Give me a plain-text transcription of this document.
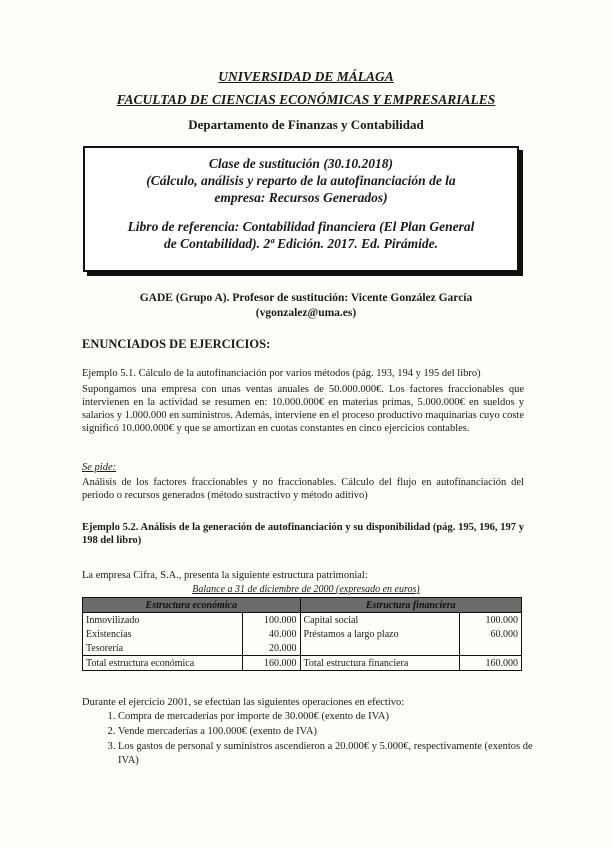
UNIVERSIDAD DE MÁLAGA
FACULTAD DE CIENCIAS ECONÓMICAS Y EMPRESARIALES
Departamento de Finanzas y Contabilidad

Clase de sustitución (30.10.2018)

(Cálculo, análisis y reparto de la autofinanciación de la

empresa: Recursos Generados)

Libro de referencia: Contabilidad financiera (El Plan General

de Contabilidad). 2ª Edición. 2017. Ed. Pirámide.

GADE (Grupo A). Profesor de sustitución: Vicente González García
(vgonzalez@uma.es)
ENUNCIADOS DE EJERCICIOS:
Ejemplo 5.1. Cálculo de la autofinanciación por varios métodos (pág. 193, 194 y 195 del libro)
Supongamos una empresa con unas ventas anuales de 50.000.000€. Los factores fraccionables que intervienen en la actividad se resumen en: 10.000.000€ en materias primas, 5.000.000€ en sueldos y salarios y 1.000.000 en suministros. Además, interviene en el proceso productivo maquinarias cuyo coste significó 10.000.000€ y que se amortizan en cuotas constantes en cinco ejercicios contables.
Se pide:
Análisis de los factores fraccionables y no fraccionables. Cálculo del flujo en autofinanciación del periodo o recursos generados (método sustractivo y método aditivo)
Ejemplo 5.2. Análisis de la generación de autofinanciación y su disponibilidad (pág. 195, 196, 197 y 198 del libro)
La empresa Cifra, S.A., presenta la siguiente estructura patrimonial:
Balance a 31 de diciembre de 2000 (expresado en euros)
Estructura económica		Estructura financiera	
Inmovilizado	100.000	Capital social	100.000
Existencias	40.000	Préstamos a largo plazo	60.000
Tesorería	20.000		
Total estructura económica	160.000	Total estructura financiera	160.000
Durante el ejercicio 2001, se efectúan las siguientes operaciones en efectivo:
1. Compra de mercaderías por importe de 30.000€ (exento de IVA)
2. Vende mercaderías a 100.000€ (exento de IVA)
3. Los gastos de personal y suministros ascendieron a 20.000€ y 5.000€, respectivamente (exentos de IVA)
